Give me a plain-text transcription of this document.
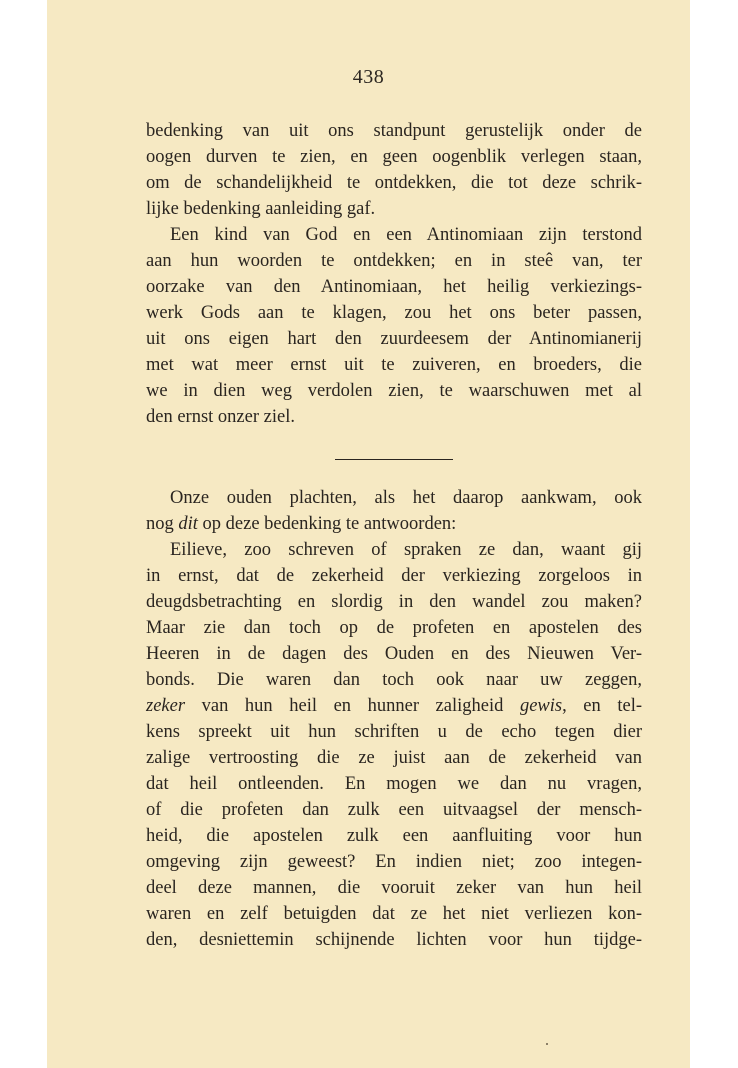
438
bedenking van uit ons standpunt gerustelijk onder de
oogen durven te zien, en geen oogenblik verlegen staan,
om de schandelijkheid te ontdekken, die tot deze schrik-
lijke bedenking aanleiding gaf.
Een kind van God en een Antinomiaan zijn terstond
aan hun woorden te ontdekken; en in steê van, ter
oorzake van den Antinomiaan, het heilig verkiezings-
werk Gods aan te klagen, zou het ons beter passen,
uit ons eigen hart den zuurdeesem der Antinomianerij
met wat meer ernst uit te zuiveren, en broeders, die
we in dien weg verdolen zien, te waarschuwen met al
den ernst onzer ziel.
Onze ouden plachten, als het daarop aankwam, ook
nog dit op deze bedenking te antwoorden:
Eilieve, zoo schreven of spraken ze dan, waant gij
in ernst, dat de zekerheid der verkiezing zorgeloos in
deugdsbetrachting en slordig in den wandel zou maken?
Maar zie dan toch op de profeten en apostelen des
Heeren in de dagen des Ouden en des Nieuwen Ver-
bonds. Die waren dan toch ook naar uw zeggen,
zeker van hun heil en hunner zaligheid gewis, en tel-
kens spreekt uit hun schriften u de echo tegen dier
zalige vertroosting die ze juist aan de zekerheid van
dat heil ontleenden. En mogen we dan nu vragen,
of die profeten dan zulk een uitvaagsel der mensch-
heid, die apostelen zulk een aanfluiting voor hun
omgeving zijn geweest? En indien niet; zoo integen-
deel deze mannen, die vooruit zeker van hun heil
waren en zelf betuigden dat ze het niet verliezen kon-
den, desniettemin schijnende lichten voor hun tijdge-
